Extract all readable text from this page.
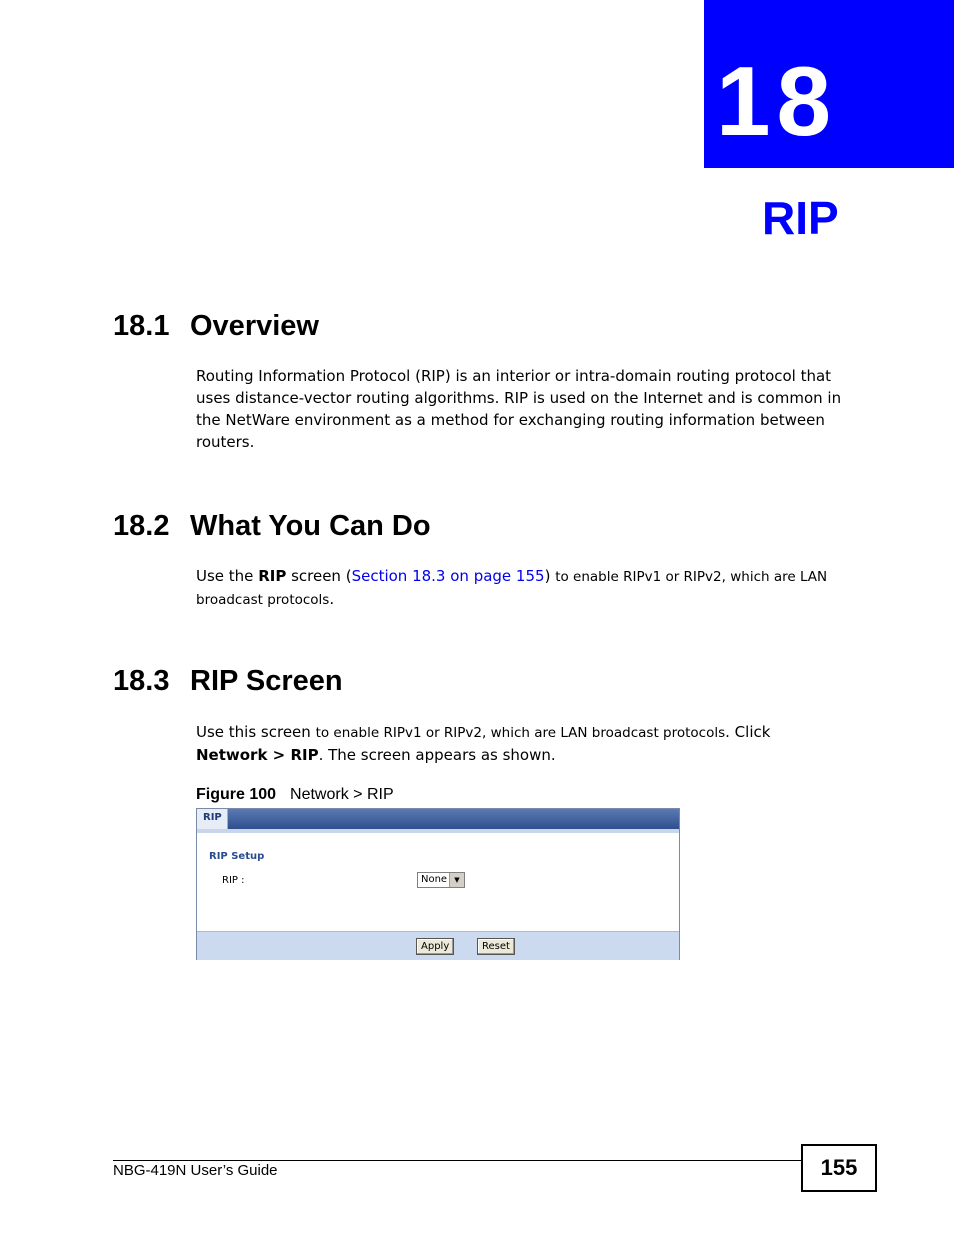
18
RIP
18.1 Overview
Routing Information Protocol (RIP) is an interior or intra-domain routing protocol that uses distance-vector routing algorithms. RIP is used on the Internet and is common in the NetWare environment as a method for exchanging routing information between routers.
18.2 What You Can Do
Use the RIP screen (Section 18.3 on page 155) to enable RIPv1 or RIPv2, which are LAN broadcast protocols.
18.3 RIP Screen
Use this screen to enable RIPv1 or RIPv2, which are LAN broadcast protocols. Click Network > RIP. The screen appears as shown.
Figure 100 Network > RIP
RIP
RIP Setup
RIP :	None	▼
Apply	Reset
NBG-419N User’s Guide	155
